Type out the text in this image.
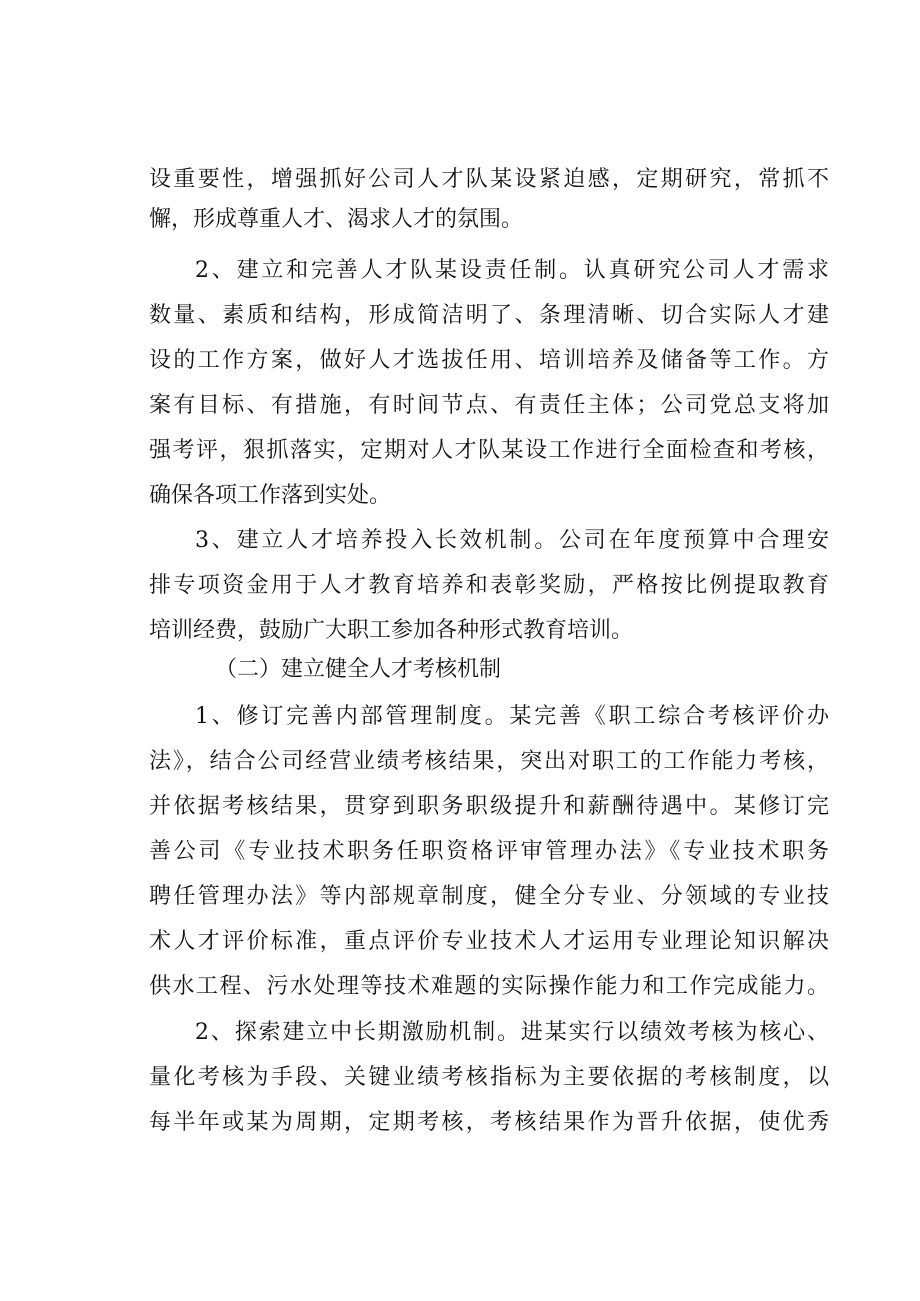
设重要性，增强抓好公司人才队某设紧迫感，定期研究，常抓不
懈，形成尊重人才、渴求人才的氛围。
2、建立和完善人才队某设责任制。认真研究公司人才需求
数量、素质和结构，形成简洁明了、条理清晰、切合实际人才建
设的工作方案，做好人才选拔任用、培训培养及储备等工作。方
案有目标、有措施，有时间节点、有责任主体；公司党总支将加
强考评，狠抓落实，定期对人才队某设工作进行全面检查和考核，
确保各项工作落到实处。
3、建立人才培养投入长效机制。公司在年度预算中合理安
排专项资金用于人才教育培养和表彰奖励，严格按比例提取教育
培训经费，鼓励广大职工参加各种形式教育培训。
（二）建立健全人才考核机制
1、修订完善内部管理制度。某完善《职工综合考核评价办
法》，结合公司经营业绩考核结果，突出对职工的工作能力考核，
并依据考核结果，贯穿到职务职级提升和薪酬待遇中。某修订完
善公司《专业技术职务任职资格评审管理办法》《专业技术职务
聘任管理办法》等内部规章制度，健全分专业、分领域的专业技
术人才评价标准，重点评价专业技术人才运用专业理论知识解决
供水工程、污水处理等技术难题的实际操作能力和工作完成能力。
2、探索建立中长期激励机制。进某实行以绩效考核为核心、
量化考核为手段、关键业绩考核指标为主要依据的考核制度，以
每半年或某为周期，定期考核，考核结果作为晋升依据，使优秀
